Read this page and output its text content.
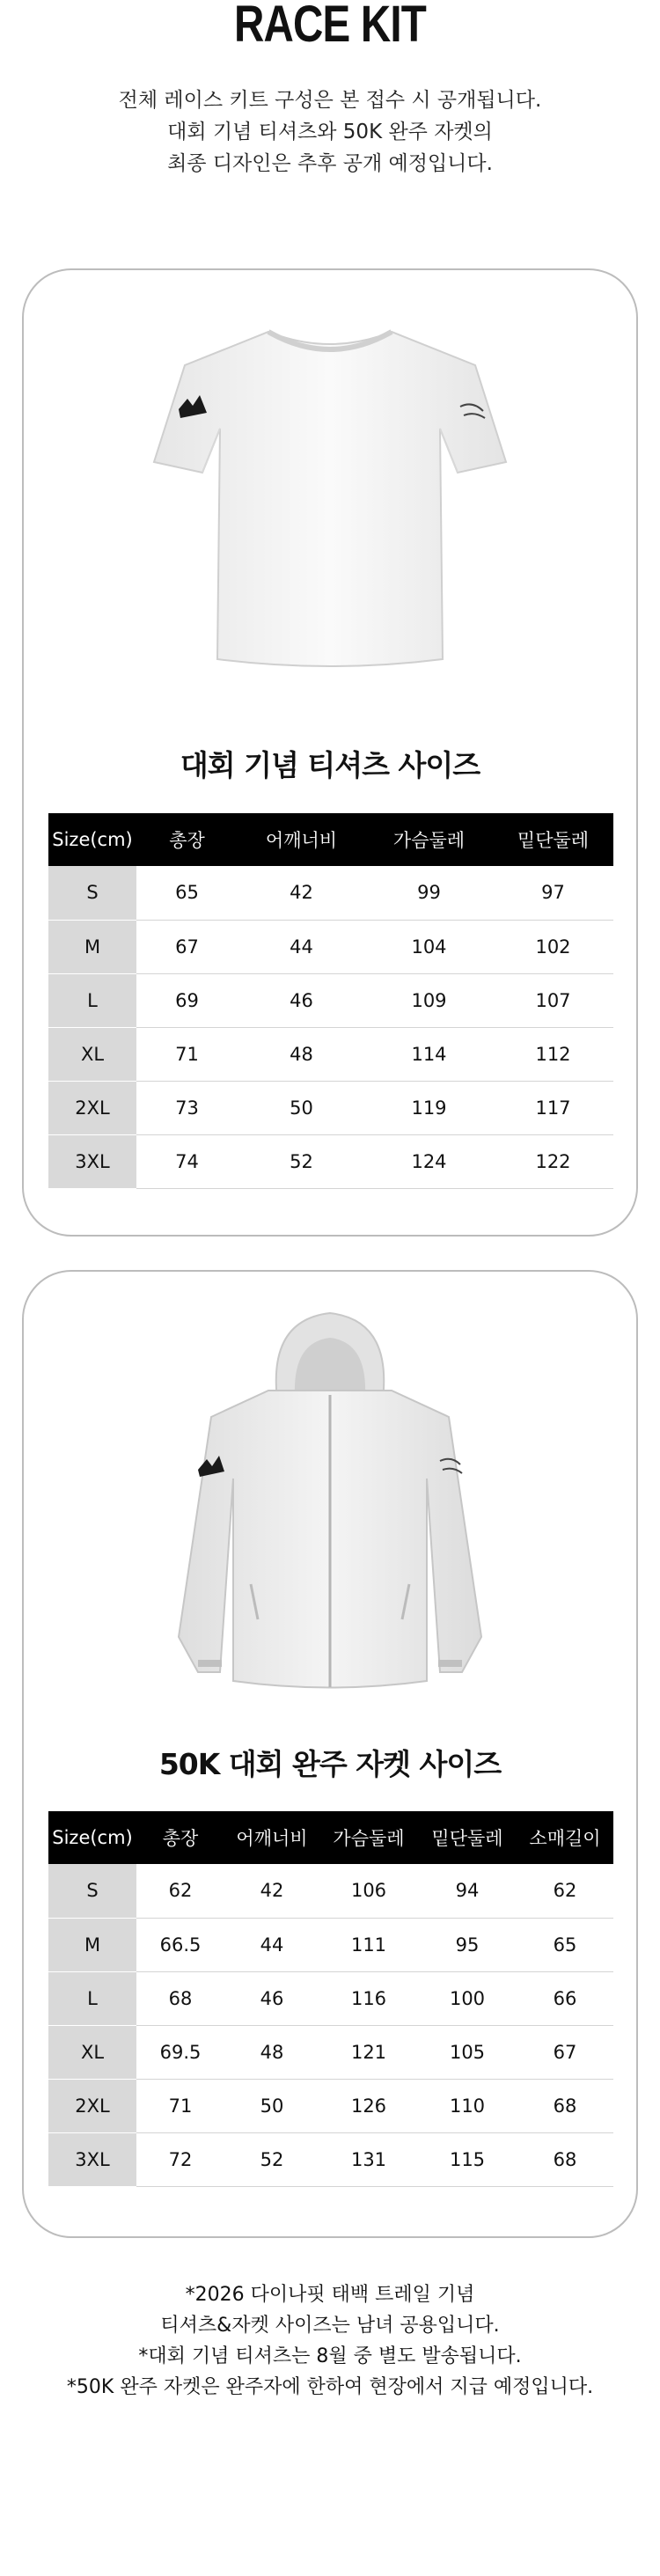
RACE KIT

전체 레이스 키트 구성은 본 접수 시 공개됩니다.

대회 기념 티셔츠와 50K 완주 자켓의

최종 디자인은 추후 공개 예정입니다.

대회 기념 티셔츠 사이즈
Size(cm)	총장	어깨너비	가슴둘레	밑단둘레
S	65	42	99	97
M	67	44	104	102
L	69	46	109	107
XL	71	48	114	112
2XL	73	50	119	117
3XL	74	52	124	122
50K 대회 완주 자켓 사이즈
Size(cm)	총장	어깨너비	가슴둘레	밑단둘레	소매길이
S	62	42	106	94	62
M	66.5	44	111	95	65
L	68	46	116	100	66
XL	69.5	48	121	105	67
2XL	71	50	126	110	68
3XL	72	52	131	115	68

*2026 다이나핏 태백 트레일 기념

티셔츠&자켓 사이즈는 남녀 공용입니다.

*대회 기념 티셔츠는 8월 중 별도 발송됩니다.

*50K 완주 자켓은 완주자에 한하여 현장에서 지급 예정입니다.
